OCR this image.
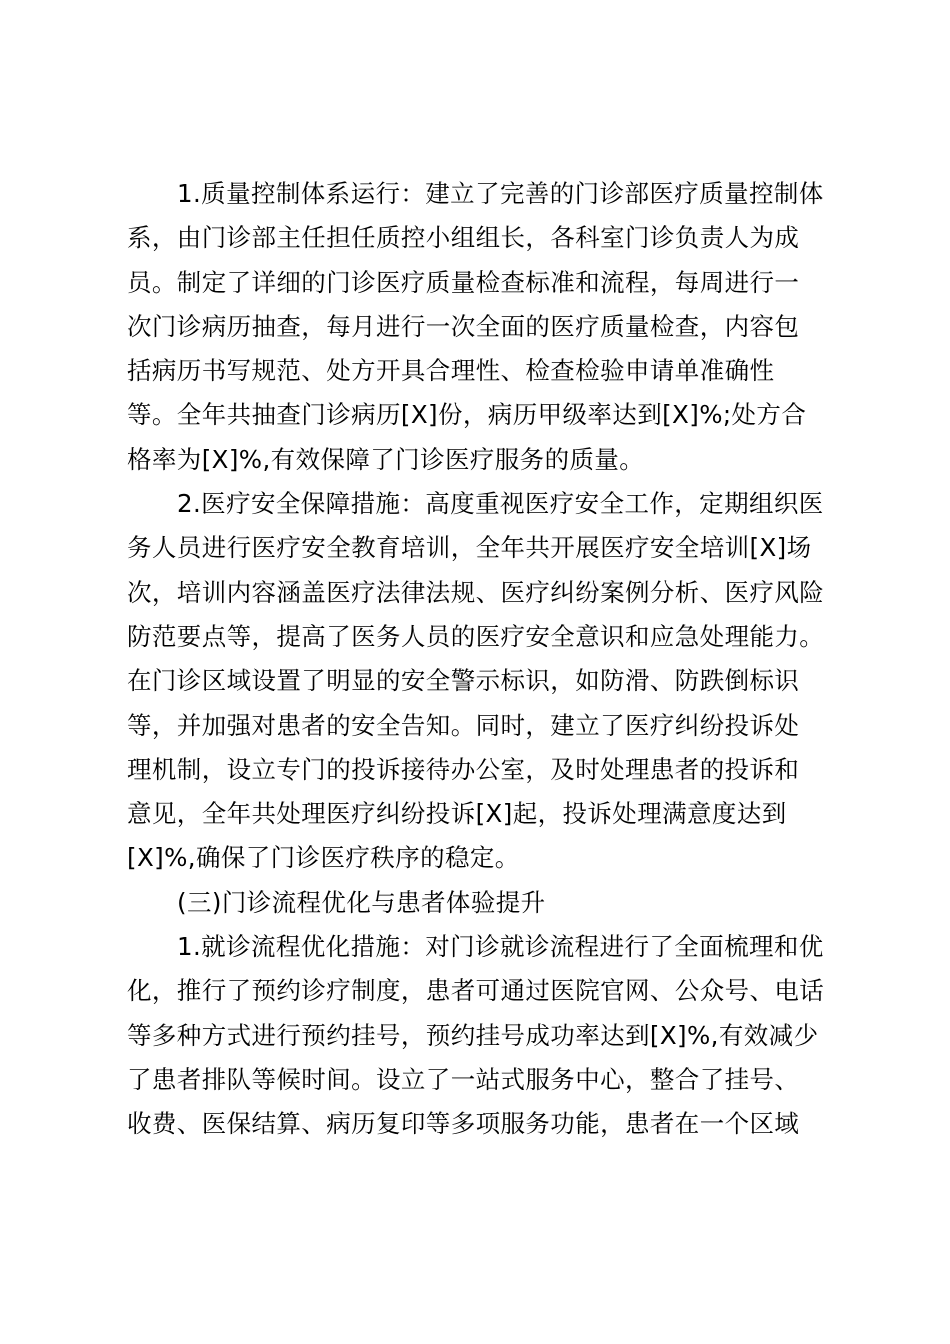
1.质量控制体系运行：建立了完善的门诊部医疗质量控制体
系，由门诊部主任担任质控小组组长，各科室门诊负责人为成
员。制定了详细的门诊医疗质量检查标准和流程，每周进行一
次门诊病历抽查，每月进行一次全面的医疗质量检查，内容包
括病历书写规范、处方开具合理性、检查检验申请单准确性
等。全年共抽查门诊病历[X]份，病历甲级率达到[X]%;处方合
格率为[X]%,有效保障了门诊医疗服务的质量。
2.医疗安全保障措施：高度重视医疗安全工作，定期组织医
务人员进行医疗安全教育培训，全年共开展医疗安全培训[X]场
次，培训内容涵盖医疗法律法规、医疗纠纷案例分析、医疗风险
防范要点等，提高了医务人员的医疗安全意识和应急处理能力。
在门诊区域设置了明显的安全警示标识，如防滑、防跌倒标识
等，并加强对患者的安全告知。同时，建立了医疗纠纷投诉处
理机制，设立专门的投诉接待办公室，及时处理患者的投诉和
意见，全年共处理医疗纠纷投诉[X]起，投诉处理满意度达到
[X]%,确保了门诊医疗秩序的稳定。
(三)门诊流程优化与患者体验提升
1.就诊流程优化措施：对门诊就诊流程进行了全面梳理和优
化，推行了预约诊疗制度，患者可通过医院官网、公众号、电话
等多种方式进行预约挂号，预约挂号成功率达到[X]%,有效减少
了患者排队等候时间。设立了一站式服务中心，整合了挂号、
收费、医保结算、病历复印等多项服务功能，患者在一个区域
